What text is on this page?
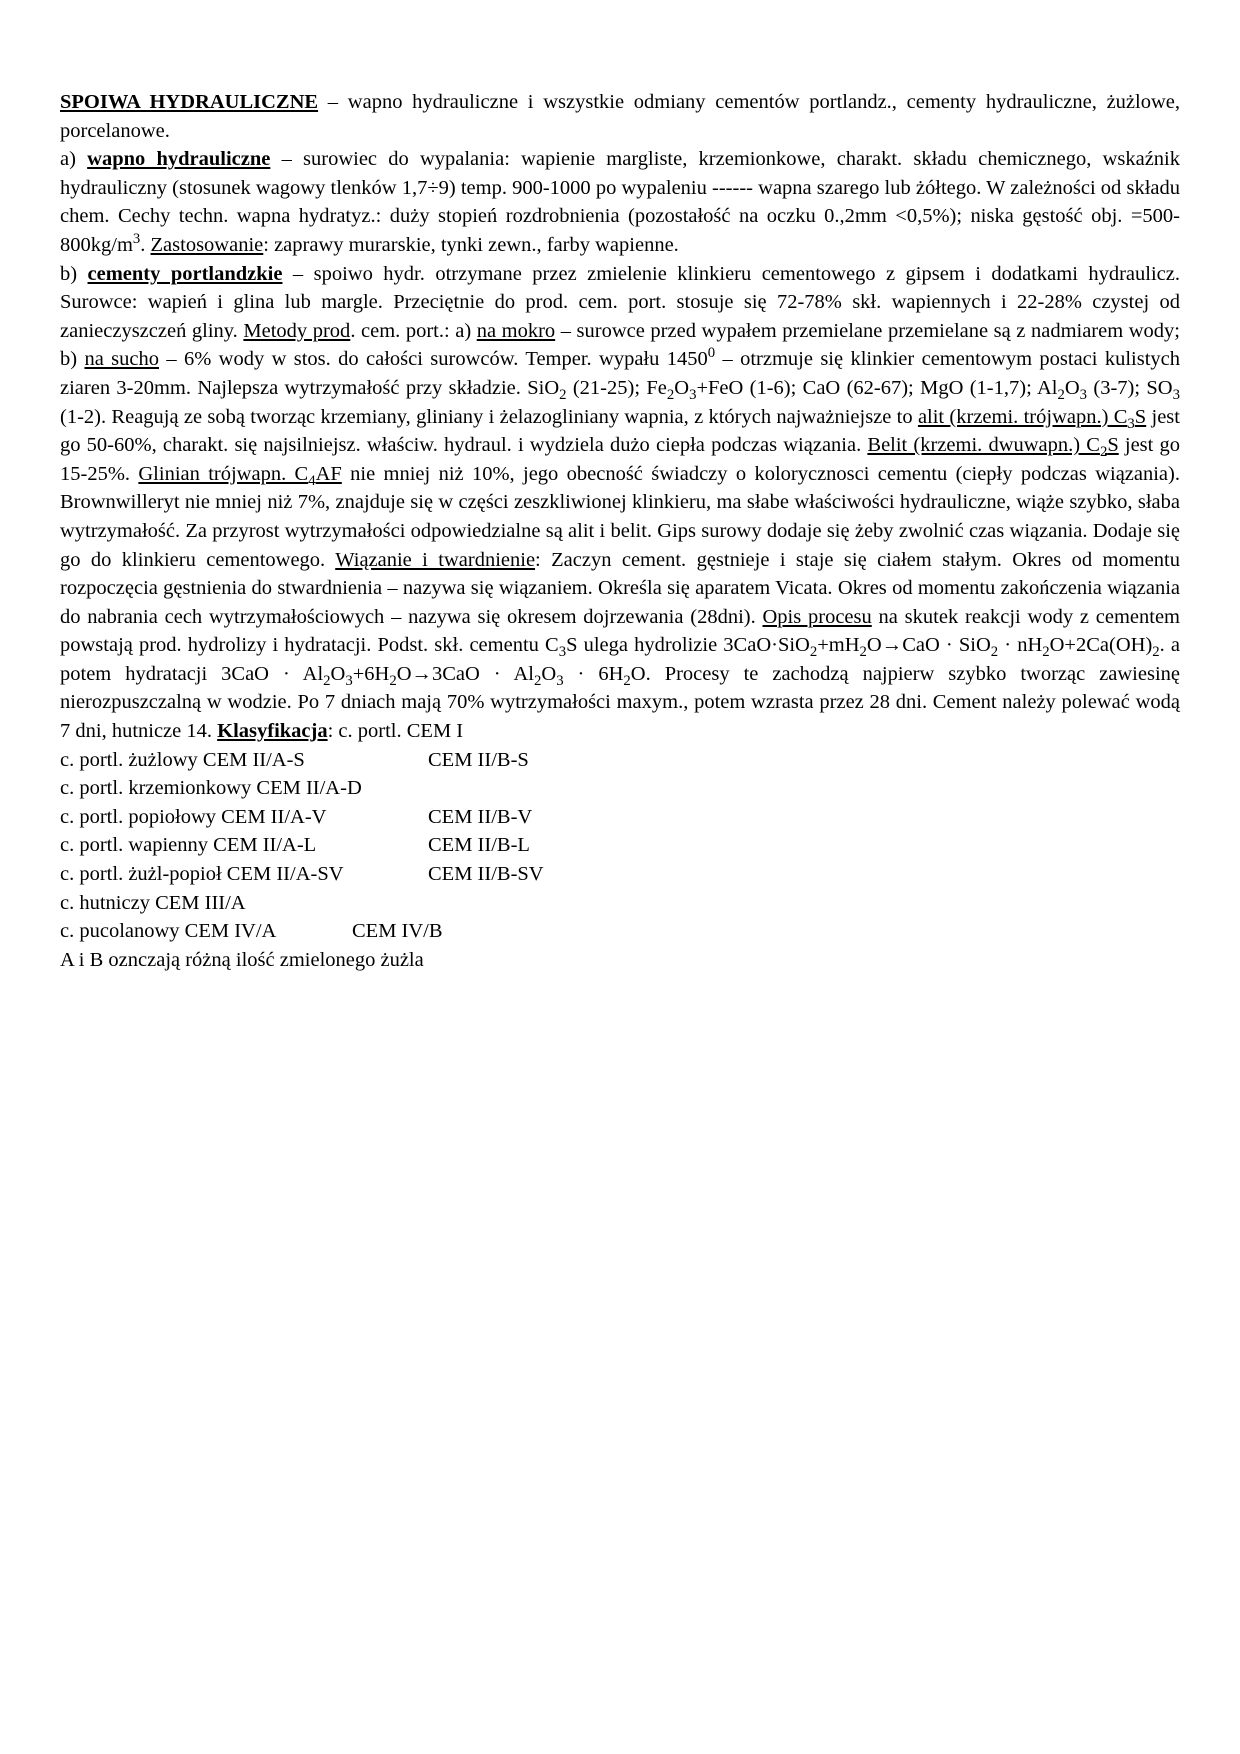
SPOIWA HYDRAULICZNE – wapno hydrauliczne i wszystkie odmiany cementów portlandz., cementy hydrauliczne, żużlowe, porcelanowe.

a) wapno hydrauliczne – surowiec do wypalania: wapienie margliste, krzemionkowe, charakt. składu chemicznego, wskaźnik hydrauliczny (stosunek wagowy tlenków 1,7÷9) temp. 900-1000 po wypaleniu ------ wapna szarego lub żółtego. W zależności od składu chem. Cechy techn. wapna hydratyz.: duży stopień rozdrobnienia (pozostałość na oczku 0.,2mm <0,5%); niska gęstość obj. $=500-800kg/m^3$. Zastosowanie: zaprawy murarskie, tynki zewn., farby wapienne.

b) cementy portlandzkie – spoiwo hydr. otrzymane przez zmielenie klinkieru cementowego z gipsem i dodatkami hydraulicz. Surowce: wapień i glina lub margle. Przeciętnie do prod. cem. port. stosuje się 72-78% skł. wapiennych i 22-28% czystej od zanieczyszczeń gliny. Metody prod. cem. port.: a) na mokro – surowce przed wypałem przemielane przemielane są z nadmiarem wody; b) na sucho – 6% wody w stos. do całości surowców. Temper. wypału 1450$^0$ – otrzmuje się klinkier cementowym postaci kulistych ziaren 3-20mm. Najlepsza wytrzymałość przy składzie. SiO$_2$ (21-25); $Fe_2O_3+FeO$ (1-6); CaO (62-67); MgO (1-1,7); $Al_2O_3$ (3-7); $SO_3$ (1-2). Reagują ze sobą tworząc krzemiany, gliniany i żelazogliniany wapnia, z których najważniejsze to alit (krzemi. trójwapn.) $C_3S$ jest go 50-60%, charakt. się najsilniejsz. właściw. hydraul. i wydziela dużo ciepła podczas wiązania. Belit (krzemi. dwuwapn.) $C_2S$ jest go 15-25%. Glinian trójwapn. $C_4AF$ nie mniej niż 10%, jego obecność świadczy o kolorycznosci cementu (ciepły podczas wiązania). Brownwilleryt nie mniej niż 7%, znajduje się w części zeszkliwionej klinkieru, ma słabe właściwości hydrauliczne, wiąże szybko, słaba wytrzymałość. Za przyrost wytrzymałości odpowiedzialne są alit i belit. Gips surowy dodaje się żeby zwolnić czas wiązania. Dodaje się go do klinkieru cementowego. Wiązanie i twardnienie: Zaczyn cement. gęstnieje i staje się ciałem stałym. Okres od momentu rozpoczęcia gęstnienia do stwardnienia – nazywa się wiązaniem. Określa się aparatem Vicata. Okres od momentu zakończenia wiązania do nabrania cech wytrzymałościowych – nazywa się okresem dojrzewania (28dni). Opis procesu na skutek reakcji wody z cementem powstają prod. hydrolizy i hydratacji. Podst. skł. cementu $C_3S$ ulega hydrolizie $3CaO\cdot SiO_2+mH_2O\to CaO \cdot SiO_2 \cdot nH_2O+2Ca(OH)_2$. a potem hydratacji $3CaO \cdot Al_2O_3+6H_2O\to 3CaO \cdot Al_2O_3 \cdot 6H_2O$. Procesy te zachodzą najpierw szybko tworząc zawiesinę nierozpuszczalną w wodzie. Po 7 dniach mają 70% wytrzymałości maxym., potem wzrasta przez 28 dni. Cement należy polewać wodą 7 dni, hutnicze 14. Klasyfikacja: c. portl. CEM I

c. portl. żużlowy CEM II/A-S	CEM II/B-S

c. portl. krzemionkowy CEM II/A-D

c. portl. popiołowy CEM II/A-V	CEM II/B-V

c. portl. wapienny CEM II/A-L	CEM II/B-L

c. portl. żużl-popioł CEM II/A-SV	CEM II/B-SV

c. hutniczy CEM III/A

c. pucolanowy CEM IV/A	CEM IV/B

A i B oznczają różną ilość zmielonego żużla
